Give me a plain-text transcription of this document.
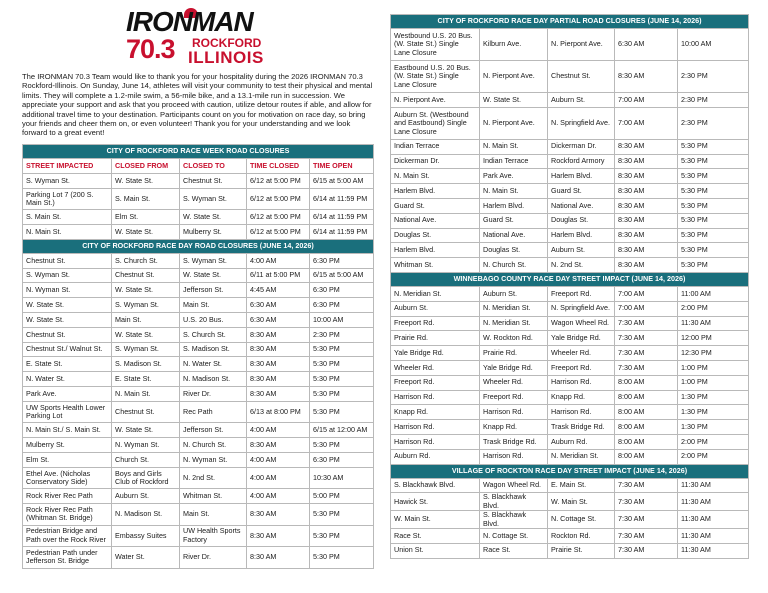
IRONMAN
70.3 ROCKFORD
ILLINOIS
The IRONMAN 70.3 Team would like to thank you for your hospitality during the 2026 IRONMAN 70.3 Rockford-Illinois. On Sunday, June 14, athletes will visit your community to test their physical and mental limits. They will complete a 1.2-mile swim, a 56-mile bike, and a 13.1-mile run in succession. We appreciate your support and ask that you proceed with caution, utilize detour routes if able, and allow for additional travel time to your destination. Participants count on you for motivation on race day, so bring your friends and cheer them on, or even volunteer! Thank you for your understanding and we look forward to a great event!
CITY OF ROCKFORD RACE WEEK ROAD CLOSURES				
STREET IMPACTED	CLOSED FROM	CLOSED TO	TIME CLOSED	TIME OPEN
S. Wyman St.	W. State St.	Chestnut St.	6/12 at 5:00 PM	6/15 at 5:00 AM
Parking Lot 7 (200 S. Main St.)	S. Main St.	S. Wyman St.	6/12 at 5:00 PM	6/14 at 11:59 PM
S. Main St.	Elm St.	W. State St.	6/12 at 5:00 PM	6/14 at 11:59 PM
N. Main St.	W. State St.	Mulberry St.	6/12 at 5:00 PM	6/14 at 11:59 PM
CITY OF ROCKFORD RACE DAY ROAD CLOSURES (JUNE 14, 2026)				
Chestnut St.	S. Church St.	S. Wyman St.	4:00 AM	6:30 PM
S. Wyman St.	Chestnut St.	W. State St.	6/11 at 5:00 PM	6/15 at 5:00 AM
N. Wyman St.	W. State St.	Jefferson St.	4:45 AM	6:30 PM
W. State St.	S. Wyman St.	Main St.	6:30 AM	6:30 PM
W. State St.	Main St.	U.S. 20 Bus.	6:30 AM	10:00 AM
Chestnut St.	W. State St.	S. Church St.	8:30 AM	2:30 PM
Chestnut St./ Walnut St.	S. Wyman St.	S. Madison St.	8:30 AM	5:30 PM
E. State St.	S. Madison St.	N. Water St.	8:30 AM	5:30 PM
N. Water St.	E. State St.	N. Madison St.	8:30 AM	5:30 PM
Park Ave.	N. Main St.	River Dr.	8:30 AM	5:30 PM
UW Sports Health Lower Parking Lot	Chestnut St.	Rec Path	6/13 at 8:00 PM	5:30 PM
N. Main St./ S. Main St.	W. State St.	Jefferson St.	4:00 AM	6/15 at 12:00 AM
Mulberry St.	N. Wyman St.	N. Church St.	8:30 AM	5:30 PM
Elm St.	Church St.	N. Wyman St.	4:00 AM	6:30 PM
Ethel Ave. (Nicholas Conservatory Side)	Boys and Girls Club of Rockford	N. 2nd St.	4:00 AM	10:30 AM
Rock River Rec Path	Auburn St.	Whitman St.	4:00 AM	5:00 PM
Rock River Rec Path (Whitman St. Bridge)	N. Madison St.	Main St.	8:30 AM	5:30 PM
Pedestrian Bridge and Path over the Rock River	Embassy Suites	UW Health Sports Factory	8:30 AM	5:30 PM
Pedestrian Path under Jefferson St. Bridge	Water St.	River Dr.	8:30 AM	5:30 PM
CITY OF ROCKFORD RACE DAY PARTIAL ROAD CLOSURES (JUNE 14, 2026)				
Westbound U.S. 20 Bus. (W. State St.) Single Lane Closure	Kilburn Ave.	N. Pierpont Ave.	6:30 AM	10:00 AM
Eastbound U.S. 20 Bus. (W. State St.) Single Lane Closure	N. Pierpont Ave.	Chestnut St.	8:30 AM	2:30 PM
N. Pierpont Ave.	W. State St.	Auburn St.	7:00 AM	2:30 PM
Auburn St. (Westbound and Eastbound) Single Lane Closure	N. Pierpont Ave.	N. Springfield Ave.	7:00 AM	2:30 PM
Indian Terrace	N. Main St.	Dickerman Dr.	8:30 AM	5:30 PM
Dickerman Dr.	Indian Terrace	Rockford Armory	8:30 AM	5:30 PM
N. Main St.	Park Ave.	Harlem Blvd.	8:30 AM	5:30 PM
Harlem Blvd.	N. Main St.	Guard St.	8:30 AM	5:30 PM
Guard St.	Harlem Blvd.	National Ave.	8:30 AM	5:30 PM
National Ave.	Guard St.	Douglas St.	8:30 AM	5:30 PM
Douglas St.	National Ave.	Harlem Blvd.	8:30 AM	5:30 PM
Harlem Blvd.	Douglas St.	Auburn St.	8:30 AM	5:30 PM
Whitman St.	N. Church St.	N. 2nd St.	8:30 AM	5:30 PM
WINNEBAGO COUNTY RACE DAY STREET IMPACT (JUNE 14, 2026)				
N. Meridian St.	Auburn St.	Freeport Rd.	7:00 AM	11:00 AM
Auburn St.	N. Meridian St.	N. Springfield Ave.	7:00 AM	2:00 PM
Freeport Rd.	N. Meridian St.	Wagon Wheel Rd.	7:30 AM	11:30 AM
Prairie Rd.	W. Rockton Rd.	Yale Bridge Rd.	7:30 AM	12:00 PM
Yale Bridge Rd.	Prairie Rd.	Wheeler Rd.	7:30 AM	12:30 PM
Wheeler Rd.	Yale Bridge Rd.	Freeport Rd.	7:30 AM	1:00 PM
Freeport Rd.	Wheeler Rd.	Harrison Rd.	8:00 AM	1:00 PM
Harrison Rd.	Freeport Rd.	Knapp Rd.	8:00 AM	1:30 PM
Knapp Rd.	Harrison Rd.	Harrison Rd.	8:00 AM	1:30 PM
Harrison Rd.	Knapp Rd.	Trask Bridge Rd.	8:00 AM	1:30 PM
Harrison Rd.	Trask Bridge Rd.	Auburn Rd.	8:00 AM	2:00 PM
Auburn Rd.	Harrison Rd.	N. Meridian St.	8:00 AM	2:00 PM
VILLAGE OF ROCKTON RACE DAY STREET IMPACT (JUNE 14, 2026)				
S. Blackhawk Blvd.	Wagon Wheel Rd.	E. Main St.	7:30 AM	11:30 AM
Hawick St.	S. Blackhawk Blvd.	W. Main St.	7:30 AM	11:30 AM
W. Main St.	S. Blackhawk Blvd.	N. Cottage St.	7:30 AM	11:30 AM
Race St.	N. Cottage St.	Rockton Rd.	7:30 AM	11:30 AM
Union St.	Race St.	Prairie St.	7:30 AM	11:30 AM
